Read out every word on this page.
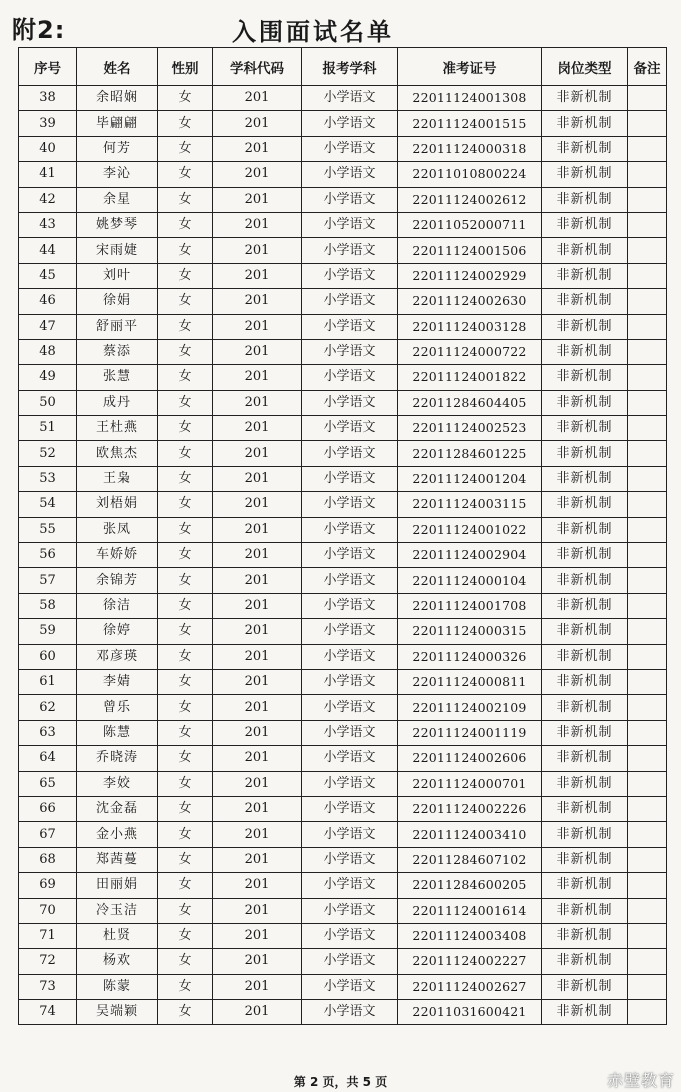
附2:	入围面试名单
序号	姓名	性别	学科代码	报考学科	准考证号	岗位类型	备注
38	余昭娴	女	201	小学语文	22011124001308	非新机制	
39	毕翩翩	女	201	小学语文	22011124001515	非新机制	
40	何芳	女	201	小学语文	22011124000318	非新机制	
41	李沁	女	201	小学语文	22011010800224	非新机制	
42	余星	女	201	小学语文	22011124002612	非新机制	
43	姚梦琴	女	201	小学语文	22011052000711	非新机制	
44	宋雨婕	女	201	小学语文	22011124001506	非新机制	
45	刘叶	女	201	小学语文	22011124002929	非新机制	
46	徐娟	女	201	小学语文	22011124002630	非新机制	
47	舒丽平	女	201	小学语文	22011124003128	非新机制	
48	蔡添	女	201	小学语文	22011124000722	非新机制	
49	张慧	女	201	小学语文	22011124001822	非新机制	
50	成丹	女	201	小学语文	22011284604405	非新机制	
51	王杜燕	女	201	小学语文	22011124002523	非新机制	
52	欧焦杰	女	201	小学语文	22011284601225	非新机制	
53	王枭	女	201	小学语文	22011124001204	非新机制	
54	刘梧娟	女	201	小学语文	22011124003115	非新机制	
55	张凤	女	201	小学语文	22011124001022	非新机制	
56	车娇娇	女	201	小学语文	22011124002904	非新机制	
57	余锦芳	女	201	小学语文	22011124000104	非新机制	
58	徐洁	女	201	小学语文	22011124001708	非新机制	
59	徐婷	女	201	小学语文	22011124000315	非新机制	
60	邓彦瑛	女	201	小学语文	22011124000326	非新机制	
61	李婧	女	201	小学语文	22011124000811	非新机制	
62	曾乐	女	201	小学语文	22011124002109	非新机制	
63	陈慧	女	201	小学语文	22011124001119	非新机制	
64	乔晓涛	女	201	小学语文	22011124002606	非新机制	
65	李姣	女	201	小学语文	22011124000701	非新机制	
66	沈金磊	女	201	小学语文	22011124002226	非新机制	
67	金小燕	女	201	小学语文	22011124003410	非新机制	
68	郑茜蔓	女	201	小学语文	22011284607102	非新机制	
69	田丽娟	女	201	小学语文	22011284600205	非新机制	
70	冷玉洁	女	201	小学语文	22011124001614	非新机制	
71	杜贤	女	201	小学语文	22011124003408	非新机制	
72	杨欢	女	201	小学语文	22011124002227	非新机制	
73	陈蒙	女	201	小学语文	22011124002627	非新机制	
74	吴端颖	女	201	小学语文	22011031600421	非新机制	
第 2 页，共 5 页	赤壁教育
